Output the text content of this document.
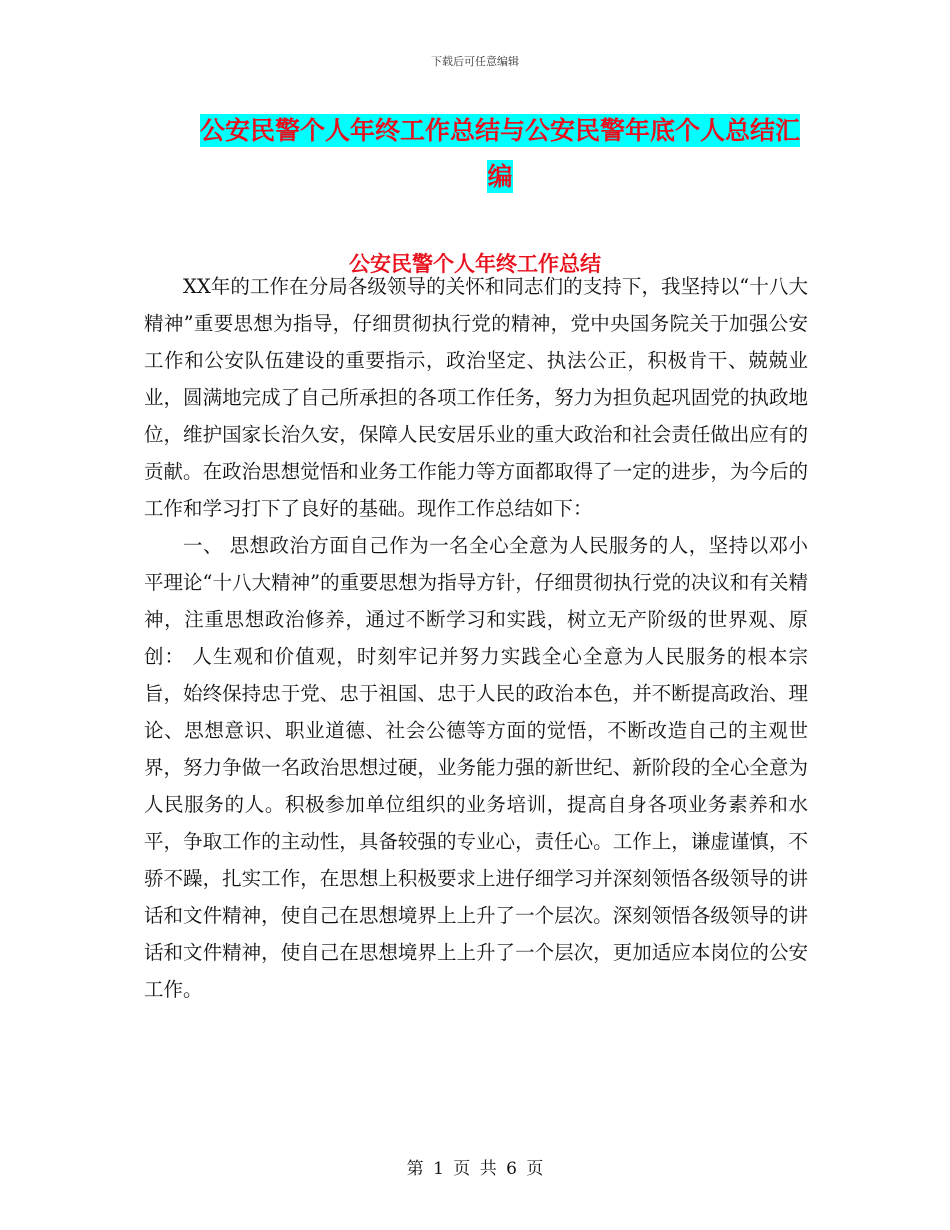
下载后可任意编辑
公安民警个人年终工作总结与公安民警年底个人总结汇编
公安民警个人年终工作总结

XX年的工作在分局各级领导的关怀和同志们的支持下，我坚持以“十八大精神”重要思想为指导，仔细贯彻执行党的精神，党中央国务院关于加强公安工作和公安队伍建设的重要指示，政治坚定、执法公正，积极肯干、兢兢业业，圆满地完成了自己所承担的各项工作任务，努力为担负起巩固党的执政地位，维护国家长治久安，保障人民安居乐业的重大政治和社会责任做出应有的贡献。在政治思想觉悟和业务工作能力等方面都取得了一定的进步，为今后的工作和学习打下了良好的基础。现作工作总结如下：

一、 思想政治方面自己作为一名全心全意为人民服务的人，坚持以邓小平理论“十八大精神”的重要思想为指导方针，仔细贯彻执行党的决议和有关精神，注重思想政治修养，通过不断学习和实践，树立无产阶级的世界观、原创： 人生观和价值观，时刻牢记并努力实践全心全意为人民服务的根本宗旨，始终保持忠于党、忠于祖国、忠于人民的政治本色，并不断提高政治、理论、思想意识、职业道德、社会公德等方面的觉悟，不断改造自己的主观世界，努力争做一名政治思想过硬，业务能力强的新世纪、新阶段的全心全意为人民服务的人。积极参加单位组织的业务培训，提高自身各项业务素养和水平，争取工作的主动性，具备较强的专业心，责任心。工作上，谦虚谨慎，不骄不躁，扎实工作，在思想上积极要求上进仔细学习并深刻领悟各级领导的讲话和文件精神，使自己在思想境界上上升了一个层次。深刻领悟各级领导的讲话和文件精神，使自己在思想境界上上升了一个层次，更加适应本岗位的公安工作。

第 1 页 共 6 页
